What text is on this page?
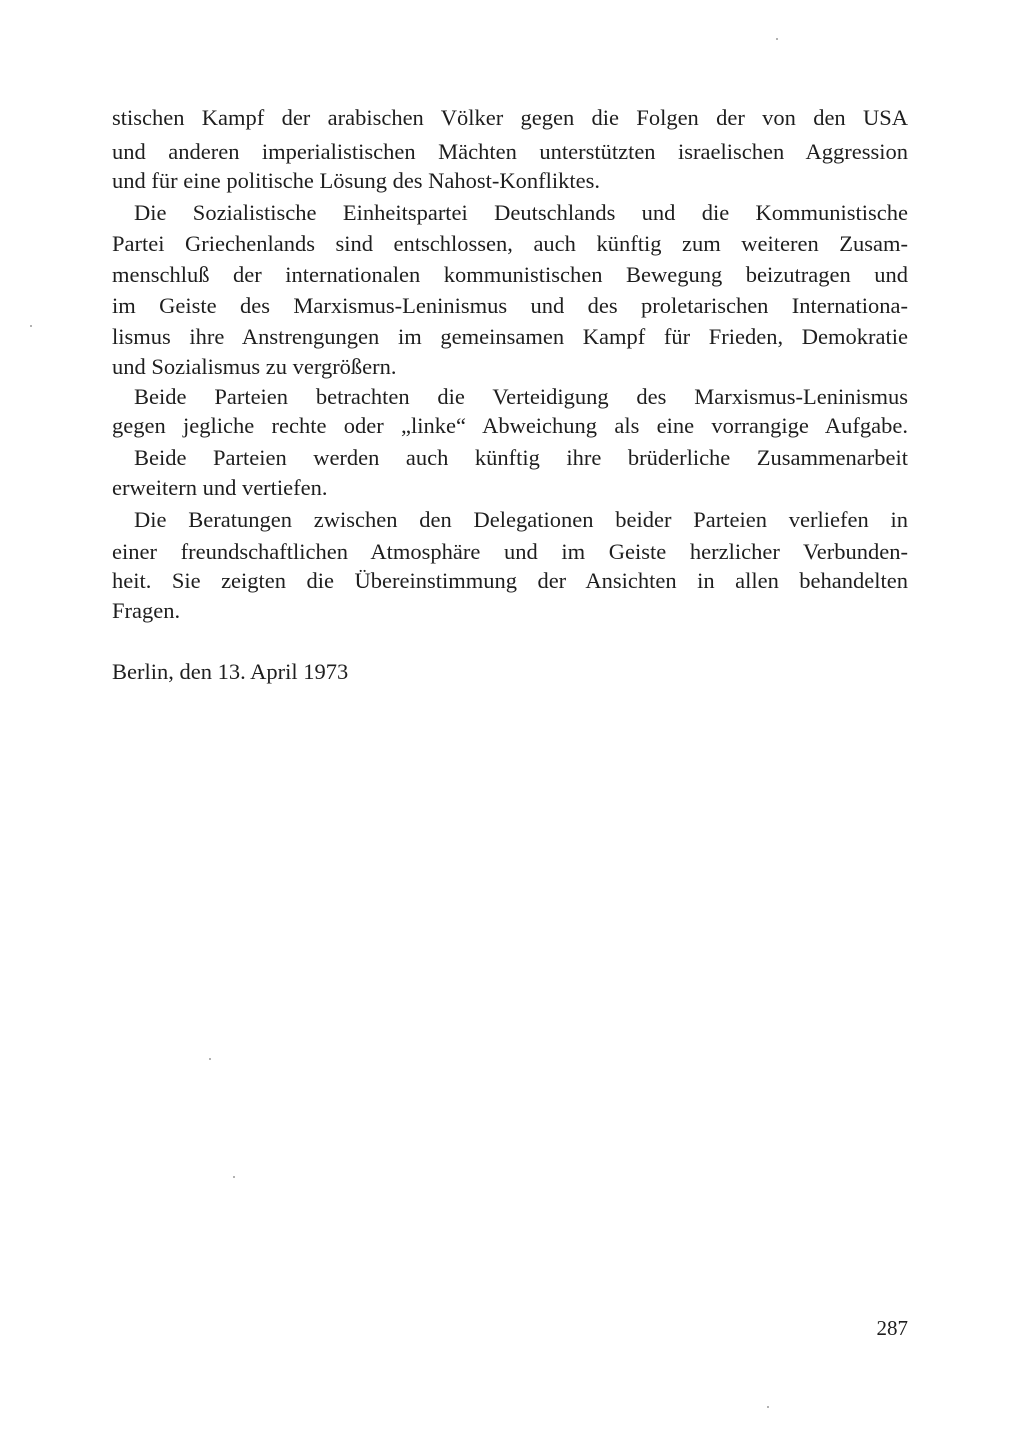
stischen Kampf der arabischen Völker gegen die Folgen der von den USA
und anderen imperialistischen Mächten unterstützten israelischen Aggression
und für eine politische Lösung des Nahost-Konfliktes.
Die Sozialistische Einheitspartei Deutschlands und die Kommunistische
Partei Griechenlands sind entschlossen, auch künftig zum weiteren Zusam-
menschluß der internationalen kommunistischen Bewegung beizutragen und
im Geiste des Marxismus-Leninismus und des proletarischen Internationa-
lismus ihre Anstrengungen im gemeinsamen Kampf für Frieden, Demokratie
und Sozialismus zu vergrößern.
Beide Parteien betrachten die Verteidigung des Marxismus-Leninismus
gegen jegliche rechte oder „linke“ Abweichung als eine vorrangige Aufgabe.
Beide Parteien werden auch künftig ihre brüderliche Zusammenarbeit
erweitern und vertiefen.
Die Beratungen zwischen den Delegationen beider Parteien verliefen in
einer freundschaftlichen Atmosphäre und im Geiste herzlicher Verbunden-
heit. Sie zeigten die Übereinstimmung der Ansichten in allen behandelten
Fragen.
Berlin, den 13. April 1973
287
